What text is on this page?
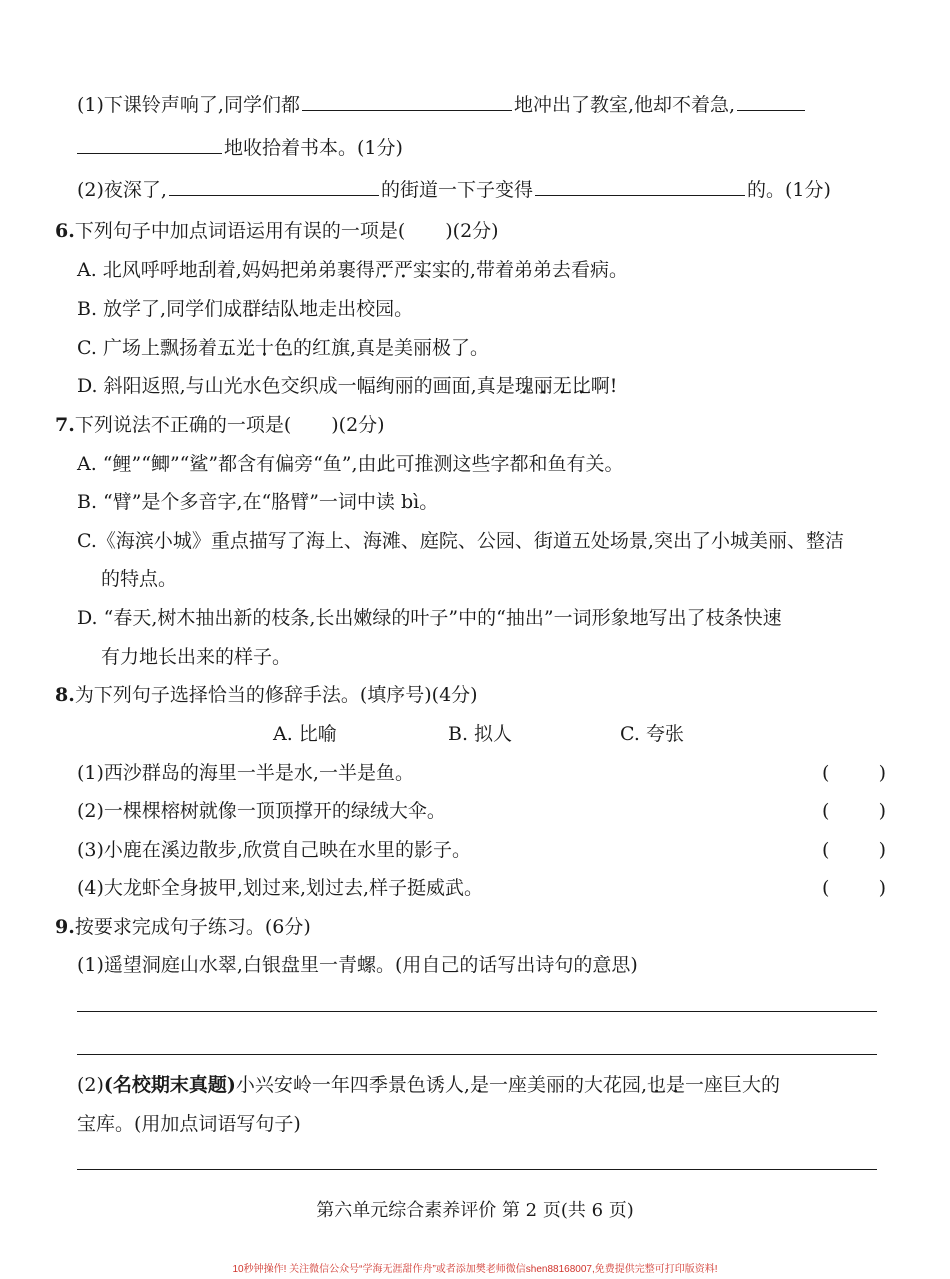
(1)下课铃声响了,同学们都	地冲出了教室,他却不着急,
地收拾着书本。(1分)
(2)夜深了,	的街道一下子变得	的。(1分)
6.下列句子中加点词语运用有误的一项是( )(2分)
A. 北风呼呼地刮着,妈妈把弟弟裹得严严实实的,带着弟弟去看病。
B. 放学了,同学们成群结队地走出校园。
C. 广场上飘扬着五光十色的红旗,真是美丽极了。
D. 斜阳返照,与山光水色交织成一幅绚丽的画面,真是瑰丽无比啊!
7.下列说法不正确的一项是( )(2分)
A. “鲤”“鲫”“鲨”都含有偏旁“鱼”,由此可推测这些字都和鱼有关。
B. “臂”是个多音字,在“胳臂”一词中读 bì。
C.《海滨小城》重点描写了海上、海滩、庭院、公园、街道五处场景,突出了小城美丽、整洁
的特点。
D. “春天,树木抽出新的枝条,长出嫩绿的叶子”中的“抽出”一词形象地写出了枝条快速
有力地长出来的样子。
8.为下列句子选择恰当的修辞手法。(填序号)(4分)
A. 比喻	B. 拟人	C. 夸张
(1)西沙群岛的海里一半是水,一半是鱼。	(	)
(2)一棵棵榕树就像一顶顶撑开的绿绒大伞。	(	)
(3)小鹿在溪边散步,欣赏自己映在水里的影子。	(	)
(4)大龙虾全身披甲,划过来,划过去,样子挺威武。	(	)
9.按要求完成句子练习。(6分)
(1)遥望洞庭山水翠,白银盘里一青螺。(用自己的话写出诗句的意思)
(2)(名校期末真题)小兴安岭一年四季景色诱人,是一座美丽的大花园,也是一座巨大的
宝库。(用加点词语写句子)
第六单元综合素养评价 第 2 页(共 6 页)
10秒钟操作! 关注微信公众号“学海无涯甜作舟”或者添加樊老师微信shen88168007,免费提供完整可打印版资料!
